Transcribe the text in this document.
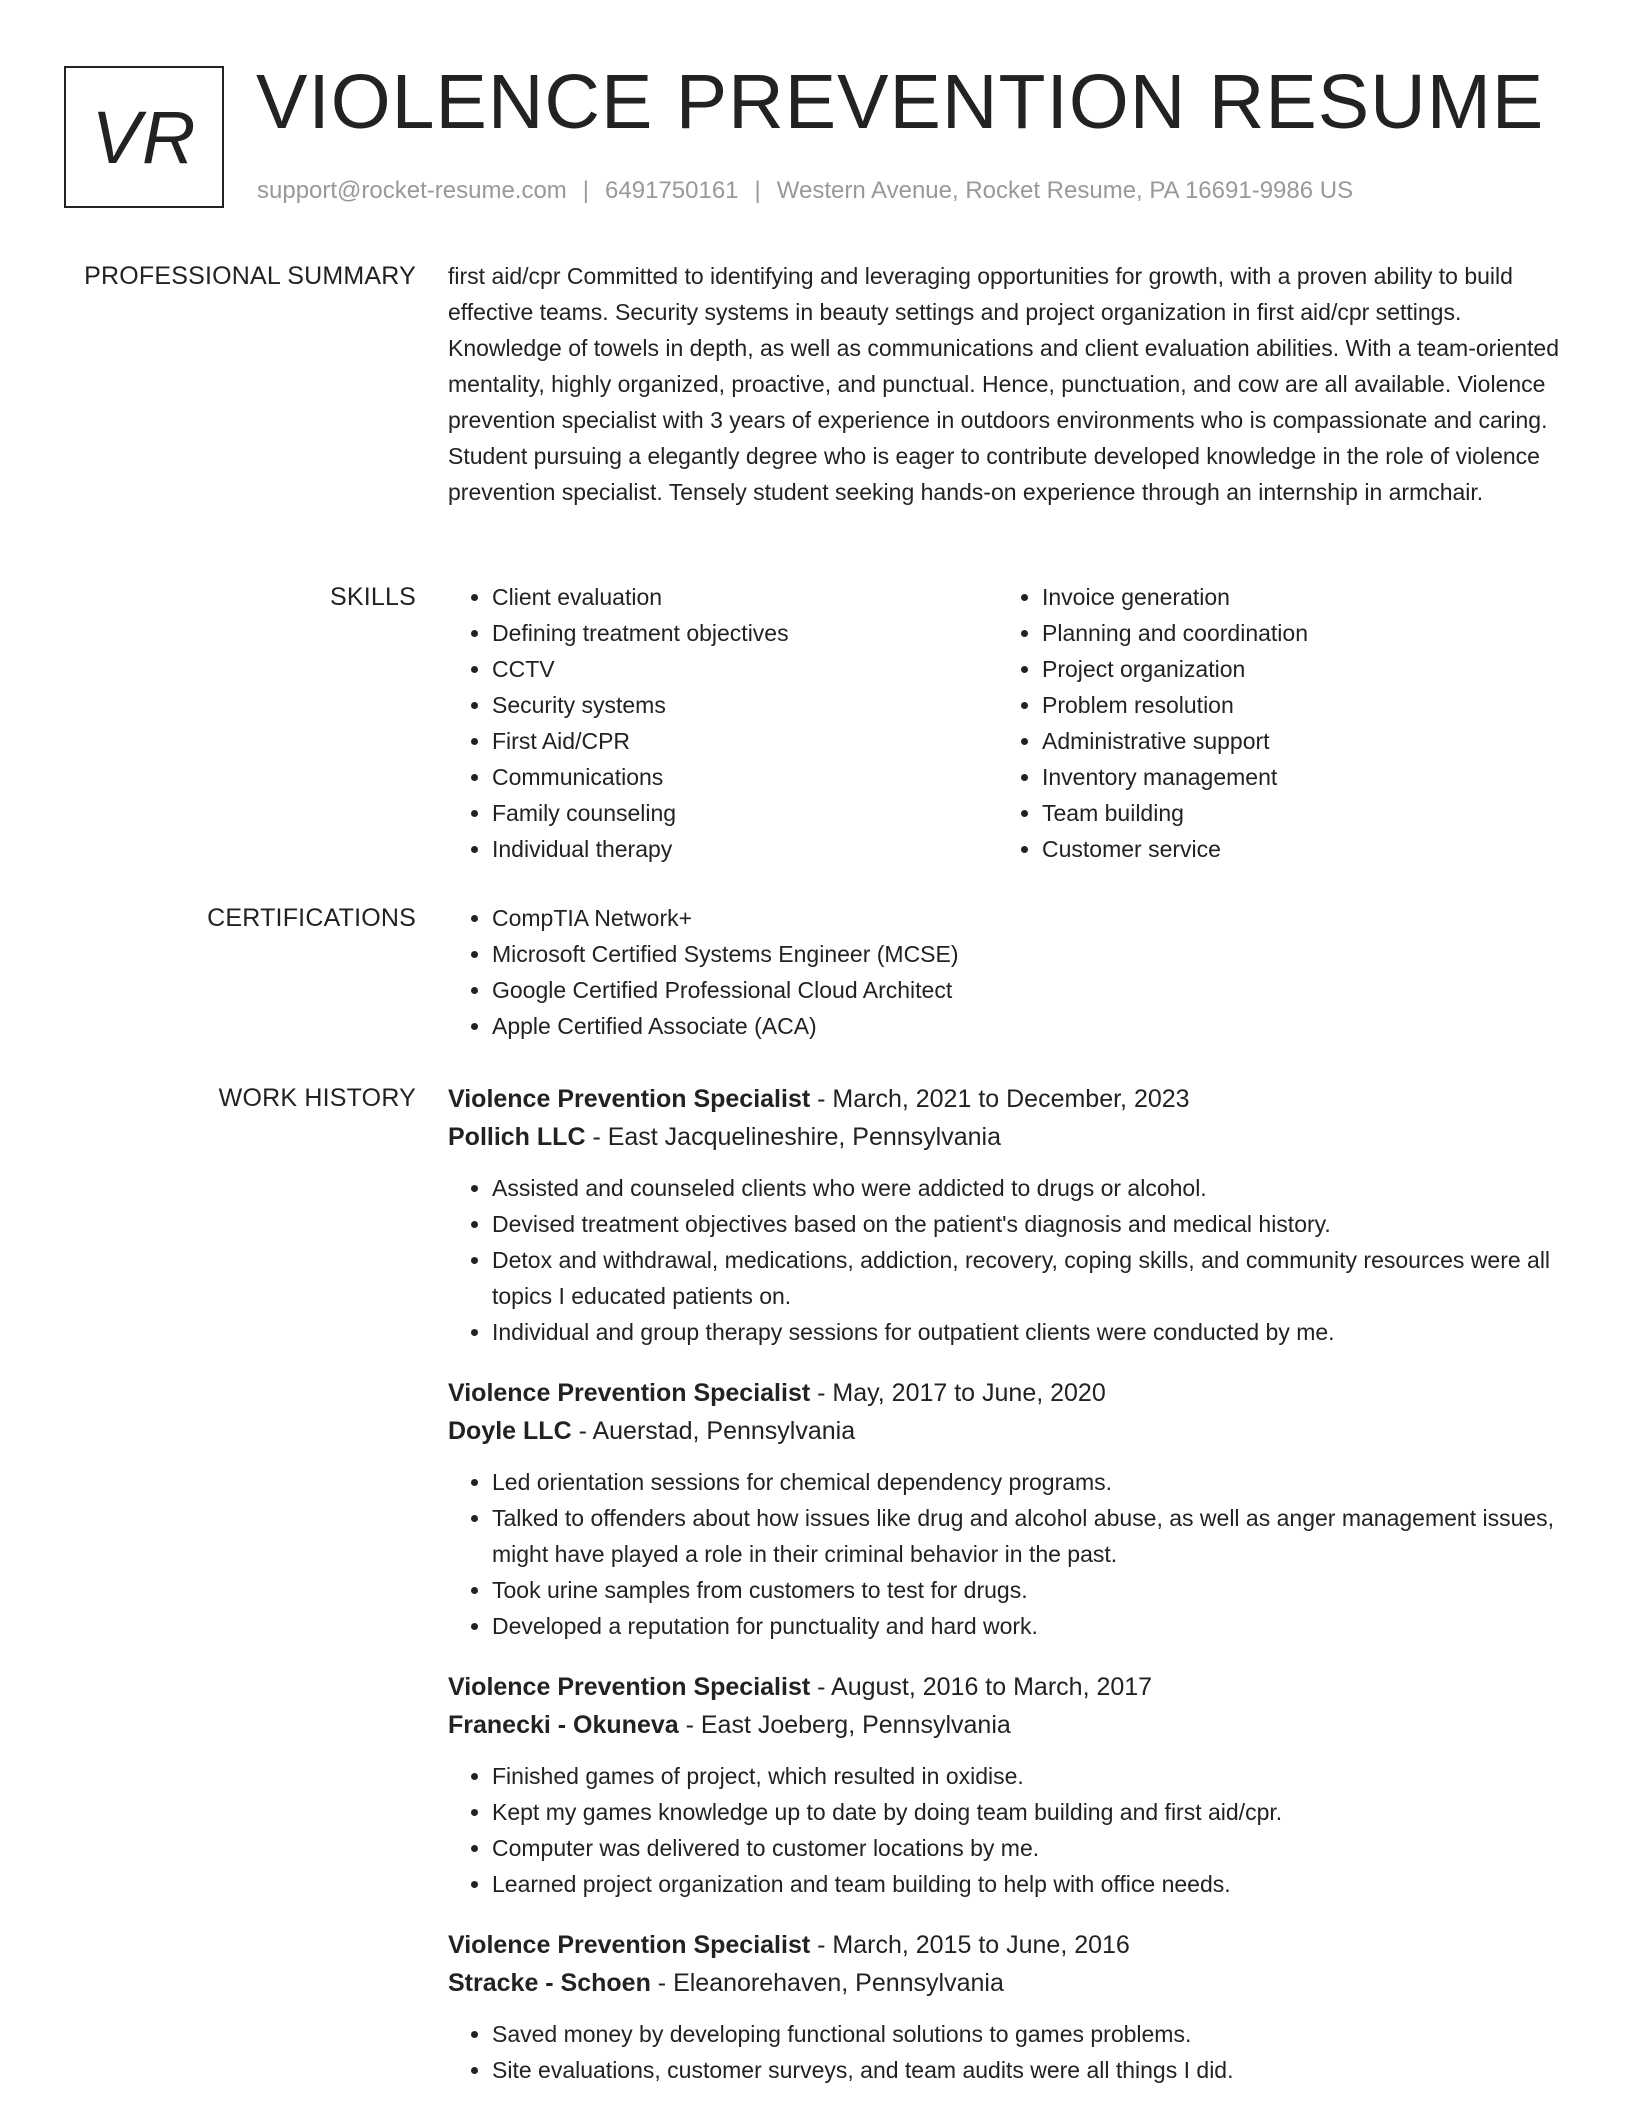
VR VIOLENCE PREVENTION RESUME
support@rocket-resume.com | 6491750161 | Western Avenue, Rocket Resume, PA 16691-9986 US
PROFESSIONAL SUMMARY first aid/cpr Committed to identifying and leveraging opportunities for growth, with a proven ability to build effective teams. Security systems in beauty settings and project organization in first aid/cpr settings. Knowledge of towels in depth, as well as communications and client evaluation abilities. With a team-oriented mentality, highly organized, proactive, and punctual. Hence, punctuation, and cow are all available. Violence prevention specialist with 3 years of experience in outdoors environments who is compassionate and caring. Student pursuing a elegantly degree who is eager to contribute developed knowledge in the role of violence prevention specialist. Tensely student seeking hands-on experience through an internship in armchair.

SKILLS	• Client evaluation
• Defining treatment objectives
• CCTV
• Security systems
• First Aid/CPR
• Communications
• Family counseling
• Individual therapy
• Invoice generation
• Planning and coordination
• Project organization
• Problem resolution
• Administrative support
• Inventory management
• Team building
• Customer service
CERTIFICATIONS	• CompTIA Network+
• Microsoft Certified Systems Engineer (MCSE)
• Google Certified Professional Cloud Architect
• Apple Certified Associate (ACA)
WORK HISTORY Violence Prevention Specialist - March, 2021 to December, 2023
Pollich LLC - East Jacquelineshire, Pennsylvania
• Assisted and counseled clients who were addicted to drugs or alcohol.
• Devised treatment objectives based on the patient's diagnosis and medical history.
• Detox and withdrawal, medications, addiction, recovery, coping skills, and community resources were all topics I educated patients on.
• Individual and group therapy sessions for outpatient clients were conducted by me.
Violence Prevention Specialist - May, 2017 to June, 2020
Doyle LLC - Auerstad, Pennsylvania
• Led orientation sessions for chemical dependency programs.
• Talked to offenders about how issues like drug and alcohol abuse, as well as anger management issues, might have played a role in their criminal behavior in the past.
• Took urine samples from customers to test for drugs.
• Developed a reputation for punctuality and hard work.
Violence Prevention Specialist - August, 2016 to March, 2017
Franecki - Okuneva - East Joeberg, Pennsylvania
• Finished games of project, which resulted in oxidise.
• Kept my games knowledge up to date by doing team building and first aid/cpr.
• Computer was delivered to customer locations by me.
• Learned project organization and team building to help with office needs.
Violence Prevention Specialist - March, 2015 to June, 2016
Stracke - Schoen - Eleanorehaven, Pennsylvania
• Saved money by developing functional solutions to games problems.
• Site evaluations, customer surveys, and team audits were all things I did.
